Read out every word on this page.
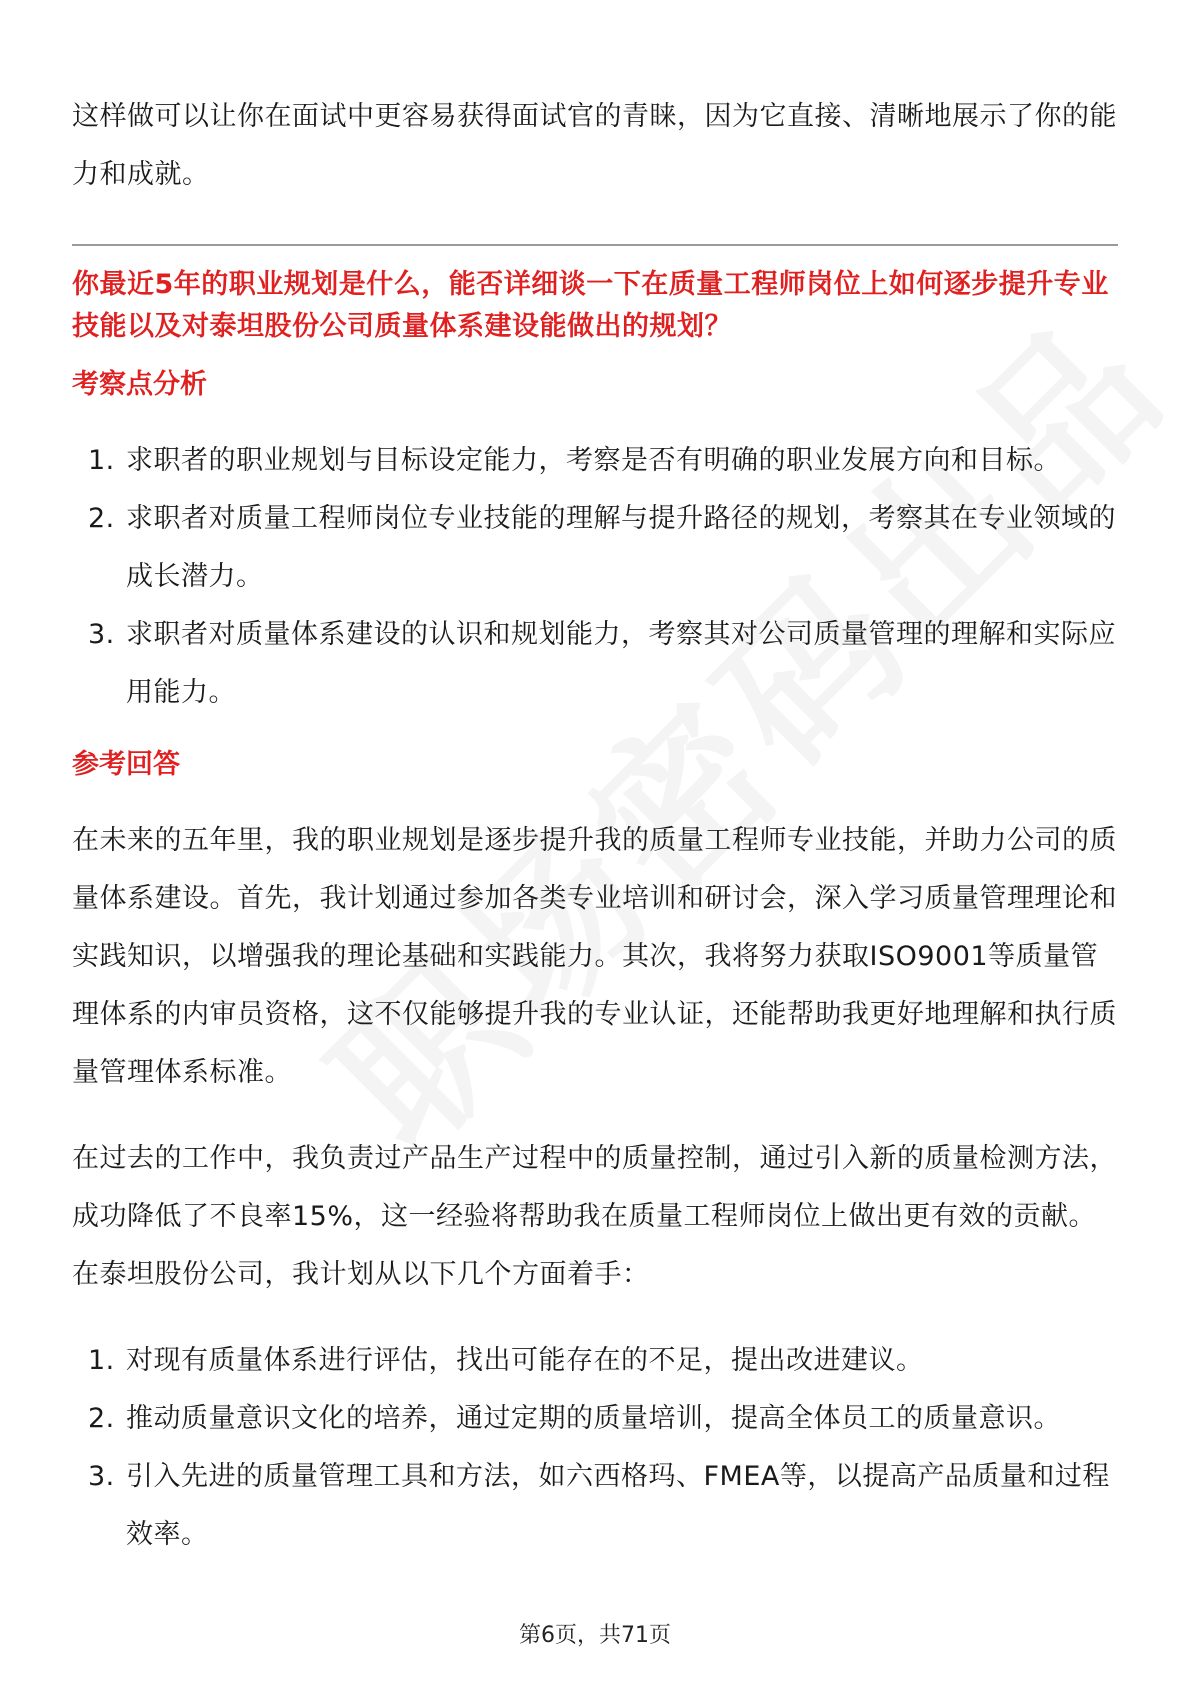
这样做可以让你在面试中更容易获得面试官的青睐，因为它直接、清晰地展示了你的能力和成就。

你最近5年的职业规划是什么，能否详细谈一下在质量工程师岗位上如何逐步提升专业技能以及对泰坦股份公司质量体系建设能做出的规划？

考察点分析
1. 求职者的职业规划与目标设定能力，考察是否有明确的职业发展方向和目标。
2. 求职者对质量工程师岗位专业技能的理解与提升路径的规划，考察其在专业领域的成长潜力。
3. 求职者对质量体系建设的认识和规划能力，考察其对公司质量管理的理解和实际应用能力。
参考回答

在未来的五年里，我的职业规划是逐步提升我的质量工程师专业技能，并助力公司的质量体系建设。首先，我计划通过参加各类专业培训和研讨会，深入学习质量管理理论和实践知识，以增强我的理论基础和实践能力。其次，我将努力获取ISO9001等质量管理体系的内审员资格，这不仅能够提升我的专业认证，还能帮助我更好地理解和执行质量管理体系标准。

在过去的工作中，我负责过产品生产过程中的质量控制，通过引入新的质量检测方法，成功降低了不良率15%，这一经验将帮助我在质量工程师岗位上做出更有效的贡献。在泰坦股份公司，我计划从以下几个方面着手：

1. 对现有质量体系进行评估，找出可能存在的不足，提出改进建议。
2. 推动质量意识文化的培养，通过定期的质量培训，提高全体员工的质量意识。
3. 引入先进的质量管理工具和方法，如六西格玛、FMEA等，以提高产品质量和过程效率。
第6页，共71页
